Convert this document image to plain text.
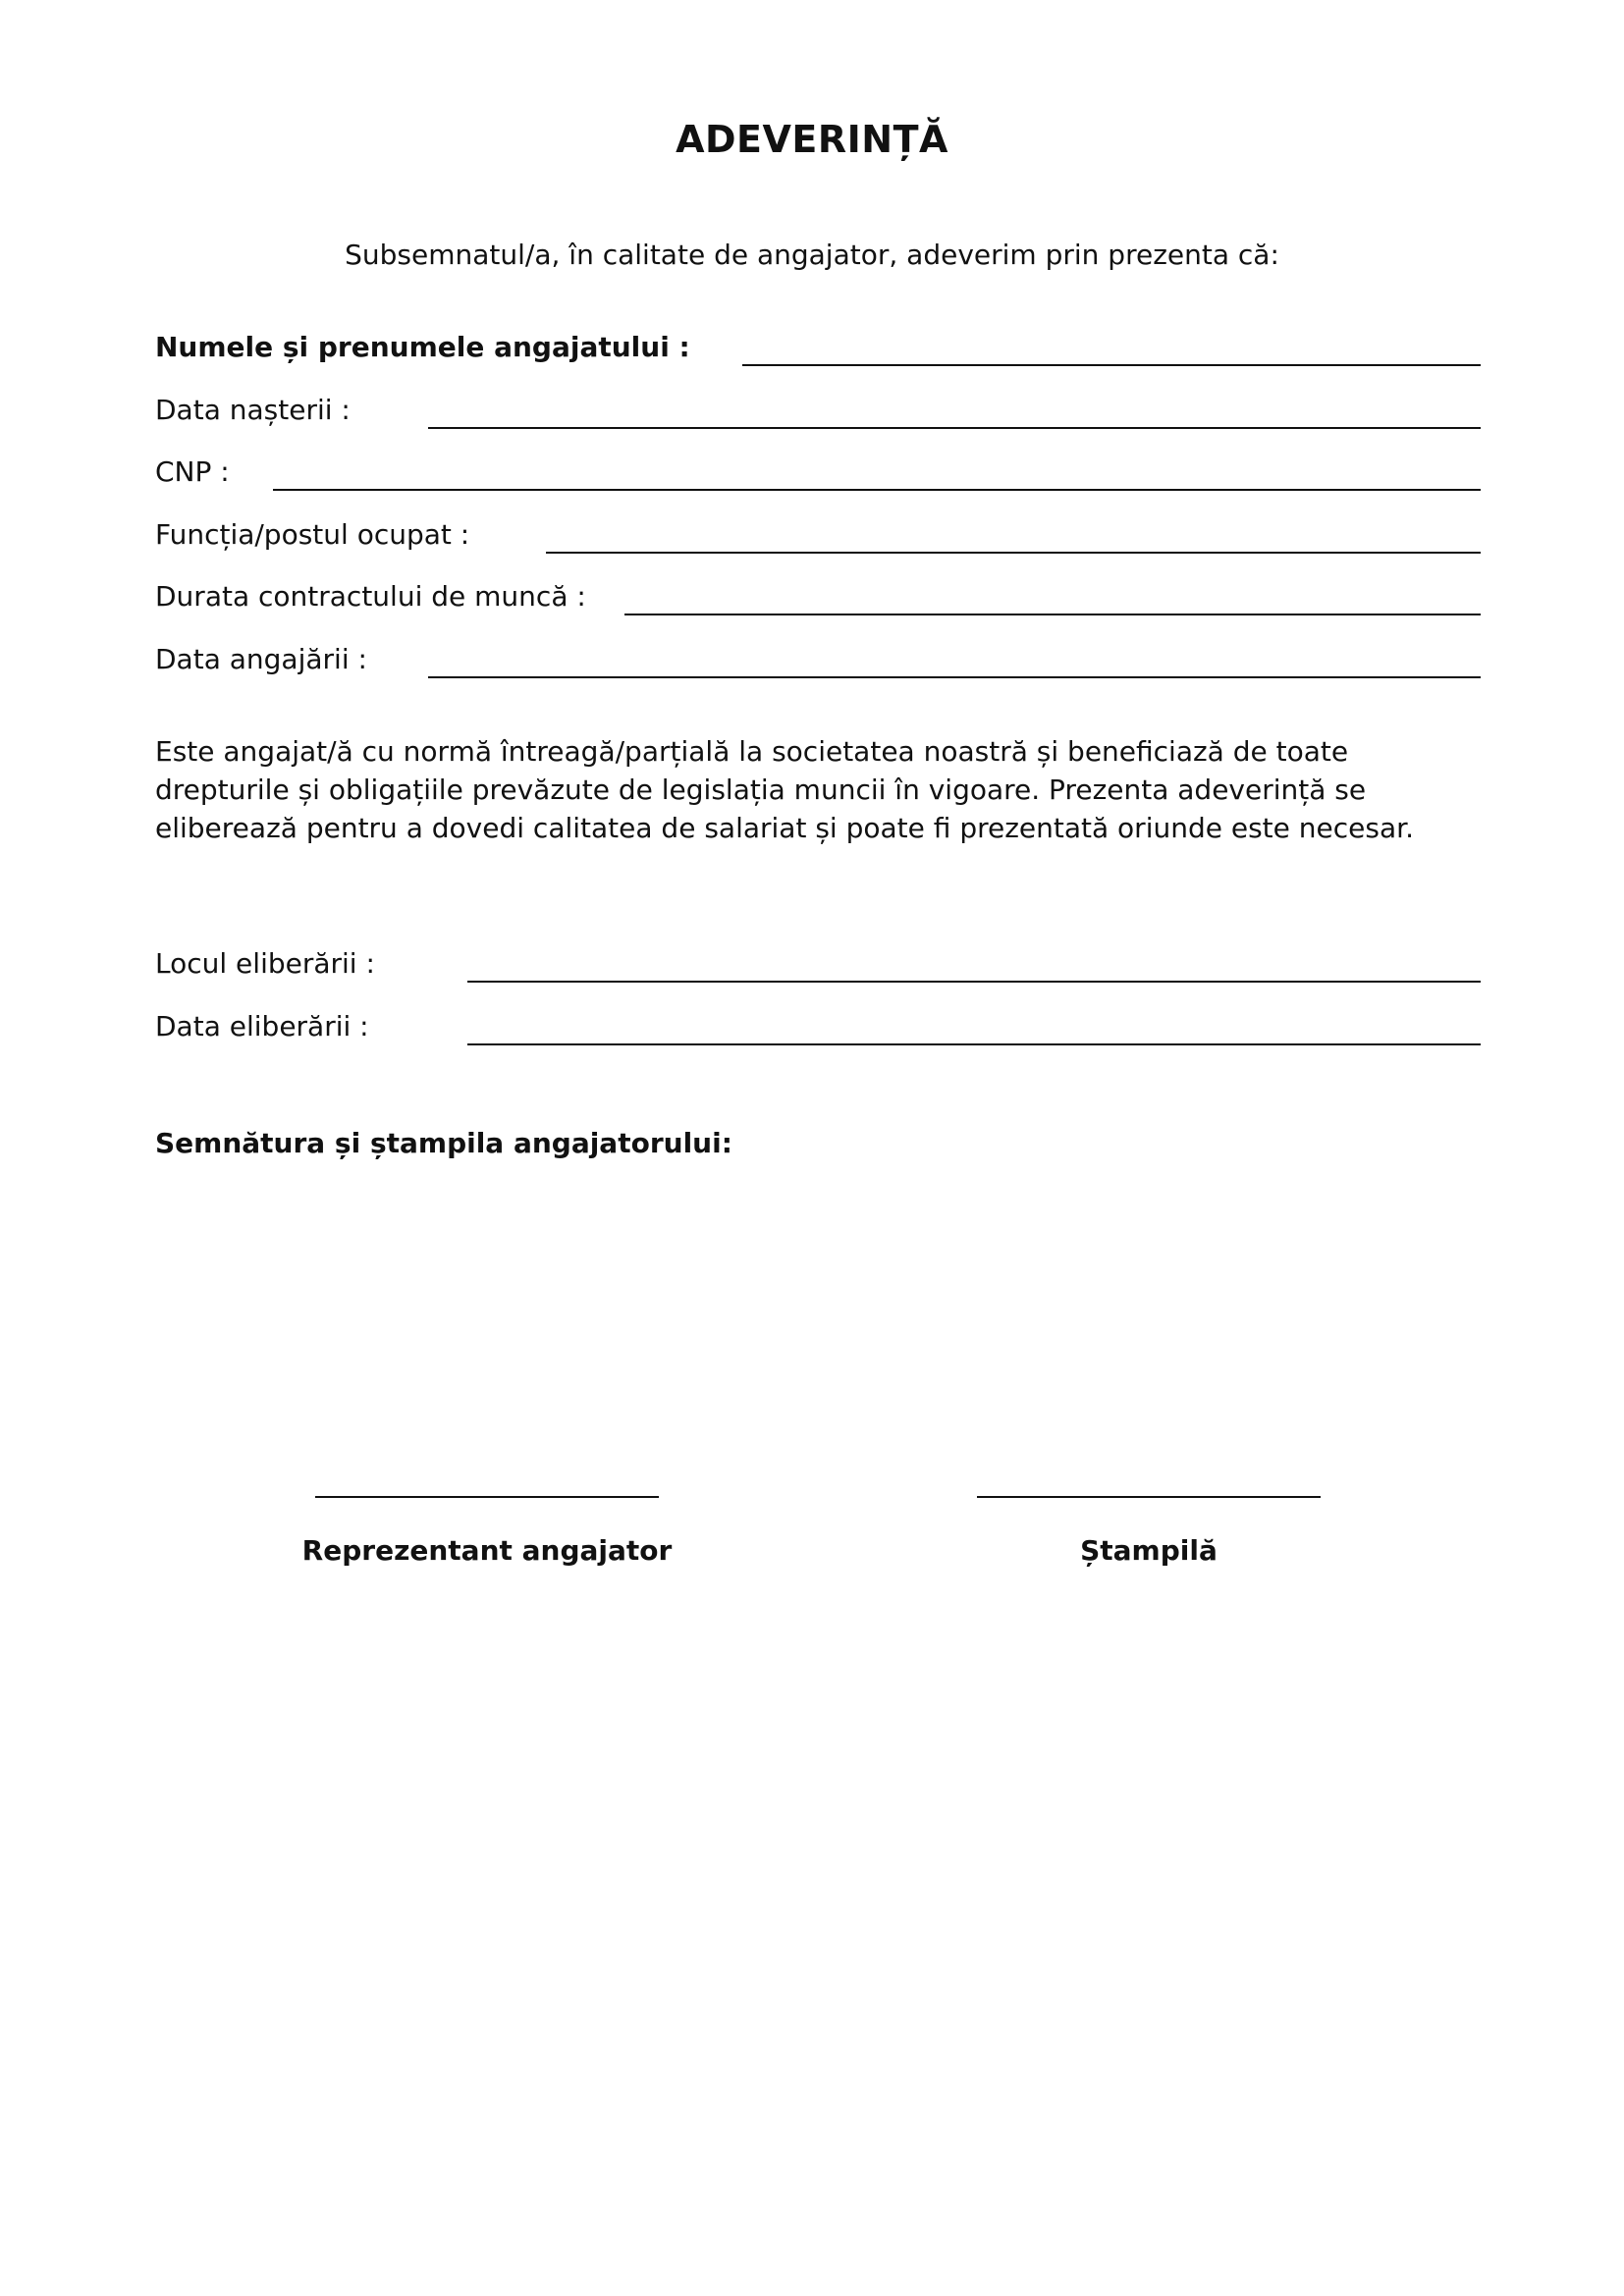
ADEVERINȚĂ
Subsemnatul/a, în calitate de angajator, adeverim prin prezenta că:
Numele și prenumele angajatului :
Data nașterii :
CNP :
Funcția/postul ocupat :
Durata contractului de muncă :
Data angajării :
Este angajat/ă cu normă întreagă/parțială la societatea noastră și beneficiază de toate drepturile și obligațiile prevăzute de legislația muncii în vigoare. Prezenta adeverință se eliberează pentru a dovedi calitatea de salariat și poate fi prezentată oriunde este necesar.
Locul eliberării :
Data eliberării :
Semnătura și ștampila angajatorului:
Reprezentant angajator	Ștampilă
